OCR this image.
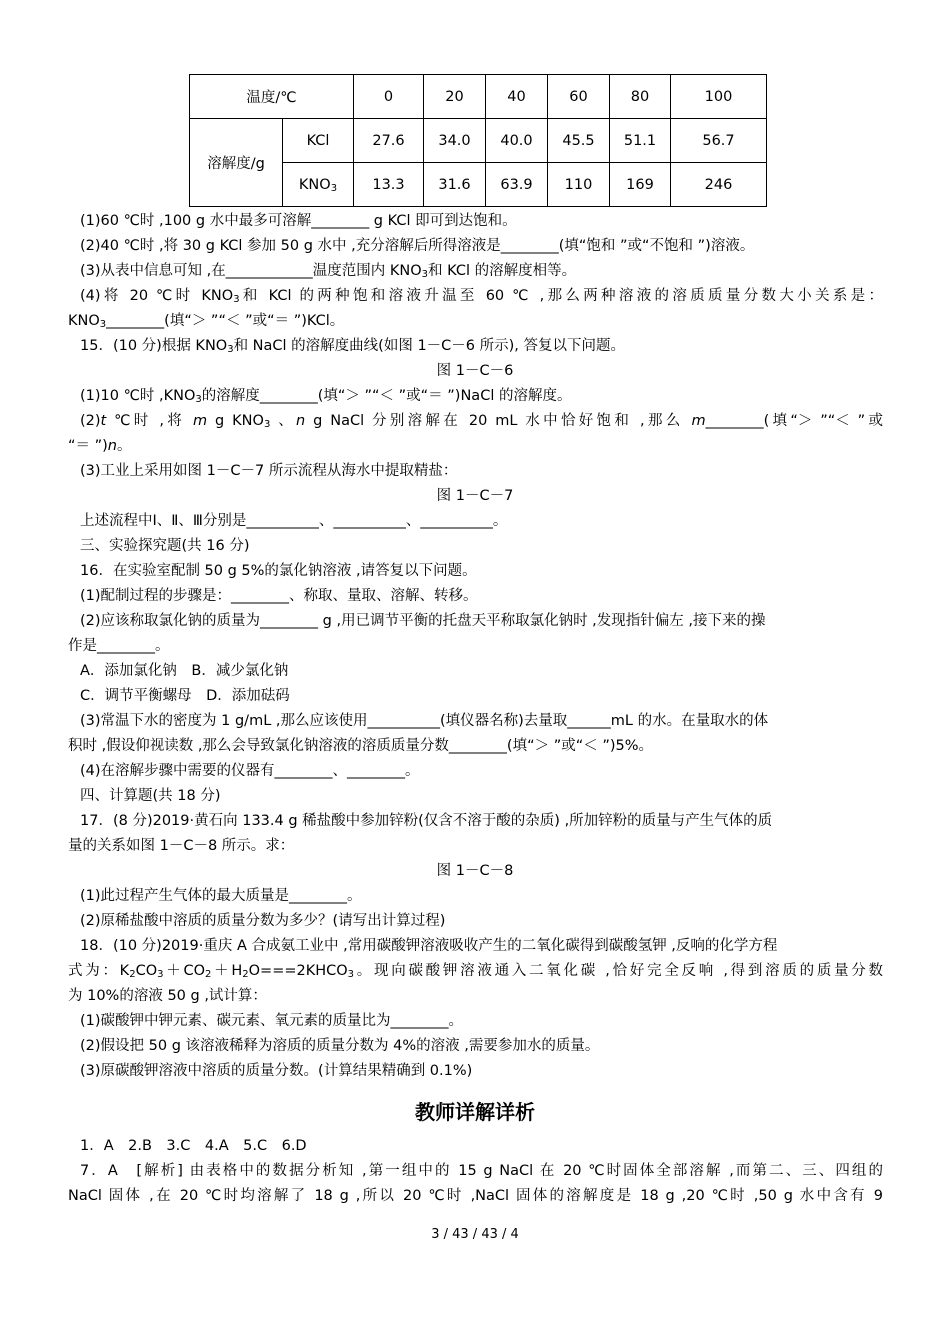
温度/℃		0	20	40	60	80	100
溶解度/g	KCl	27.6	34.0	40.0	45.5	51.1	56.7
	$KNO_3$	13.3	31.6	63.9	110	169	246
(1)60 ℃时 ,100 g 水中最多可溶解________ g KCl 即可到达饱和。
(2)40 ℃时 ,将 30 g KCl 参加 50 g 水中 ,充分溶解后所得溶液是________(填“饱和 ”或“不饱和 ”)溶液。
(3)从表中信息可知 ,在____________温度范围内 $KNO_3$和 KCl 的溶解度相等。
(4)将 20 ℃时 $KNO_3$和 KCl 的两种饱和溶液升温至 60 ℃ ,那么两种溶液的溶质质量分数大小关系是：
$KNO_3\_\_\_\_\_\_\_\_$(填“＞ ”“＜ ”或“＝ ”)KCl。
15．(10 分)根据 $KNO_3$和 NaCl 的溶解度曲线(如图 1－C－6 所示), 答复以下问题。
图 1－C－6
(1)10 ℃时 $,KNO_3$的溶解度________(填“＞ ”“＜ ”或“＝ ”)NaCl 的溶解度。
(2)t ℃时 ,将 m g $KNO_3$ 、n g NaCl 分别溶解在 20 mL 水中恰好饱和 ,那么 m________(填“＞ ”“＜ ”或
“＝ ”)n。
(3)工业上采用如图 1－C－7 所示流程从海水中提取精盐：
图 1－C－7
上述流程中Ⅰ、Ⅱ、Ⅲ分别是__________、__________、__________。
三、实验探究题(共 16 分)
16．在实验室配制 50 g 5%的氯化钠溶液 ,请答复以下问题。
(1)配制过程的步骤是：________、称取、量取、溶解、转移。
(2)应该称取氯化钠的质量为________ g ,用已调节平衡的托盘天平称取氯化钠时 ,发现指针偏左 ,接下来的操
作是________。
A．添加氯化钠　B．减少氯化钠
C．调节平衡螺母　D．添加砝码
(3)常温下水的密度为 1 g/mL ,那么应该使用__________(填仪器名称)去量取______mL 的水。在量取水的体
积时 ,假设仰视读数 ,那么会导致氯化钠溶液的溶质质量分数________(填“＞ ”或“＜ ”)5%。
(4)在溶解步骤中需要的仪器有________、________。
四、计算题(共 18 分)
17．(8 分)2019·黄石向 133.4 g 稀盐酸中参加锌粉(仅含不溶于酸的杂质) ,所加锌粉的质量与产生气体的质
量的关系如图 1－C－8 所示。求：
图 1－C－8
(1)此过程产生气体的最大质量是________。
(2)原稀盐酸中溶质的质量分数为多少？(请写出计算过程)
18．(10 分)2019·重庆 A 合成氨工业中 ,常用碳酸钾溶液吸收产生的二氧化碳得到碳酸氢钾 ,反响的化学方程
式为：$K_2CO_3+CO_2+H_2O===2KHCO_3$。现向碳酸钾溶液通入二氧化碳 ,恰好完全反响 ,得到溶质的质量分数
为 10%的溶液 50 g ,试计算：
(1)碳酸钾中钾元素、碳元素、氧元素的质量比为________。
(2)假设把 50 g 该溶液稀释为溶质的质量分数为 4%的溶液 ,需要参加水的质量。
(3)原碳酸钾溶液中溶质的质量分数。(计算结果精确到 0.1%)
教师详解详析
1．A　2.B　3.C　4.A　5.C　6.D
7．A　[解析] 由表格中的数据分析知 ,第一组中的 15 g NaCl 在 20 ℃时固体全部溶解 ,而第二、三、四组的
NaCl 固体 ,在 20 ℃时均溶解了 18 g ,所以 20 ℃时 ,NaCl 固体的溶解度是 18 g ,20 ℃时 ,50 g 水中含有 9
3 / 43 / 43 / 4
